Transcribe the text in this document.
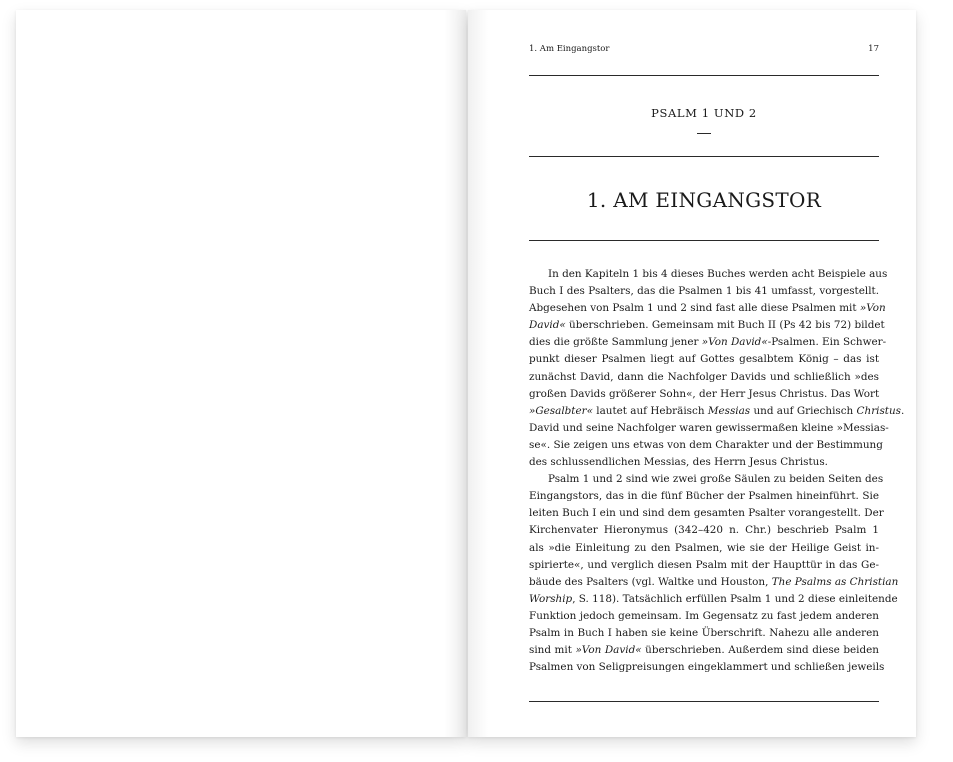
1. Am Eingangstor	17
PSALM 1 UND 2
1. AM EINGANGSTOR
In den Kapiteln 1 bis 4 dieses Buches werden acht Beispiele aus
Buch I des Psalters, das die Psalmen 1 bis 41 umfasst, vorgestellt.
Abgesehen von Psalm 1 und 2 sind fast alle diese Psalmen mit »Von
David« überschrieben. Gemeinsam mit Buch II (Ps 42 bis 72) bildet
dies die größte Sammlung jener »Von David«-Psalmen. Ein Schwer-
punkt dieser Psalmen liegt auf Gottes gesalbtem König – das ist
zunächst David, dann die Nachfolger Davids und schließlich »des
großen Davids größerer Sohn«, der Herr Jesus Christus. Das Wort
»Gesalbter« lautet auf Hebräisch Messias und auf Griechisch Christus.
David und seine Nachfolger waren gewissermaßen kleine »Messias-
se«. Sie zeigen uns etwas von dem Charakter und der Bestimmung
des schlussendlichen Messias, des Herrn Jesus Christus.
Psalm 1 und 2 sind wie zwei große Säulen zu beiden Seiten des
Eingangstors, das in die fünf Bücher der Psalmen hineinführt. Sie
leiten Buch I ein und sind dem gesamten Psalter vorangestellt. Der
Kirchenvater Hieronymus (342–420 n. Chr.) beschrieb Psalm 1
als »die Einleitung zu den Psalmen, wie sie der Heilige Geist in-
spirierte«, und verglich diesen Psalm mit der Haupttür in das Ge-
bäude des Psalters (vgl. Waltke und Houston, The Psalms as Christian
Worship, S. 118). Tatsächlich erfüllen Psalm 1 und 2 diese einleitende
Funktion jedoch gemeinsam. Im Gegensatz zu fast jedem anderen
Psalm in Buch I haben sie keine Überschrift. Nahezu alle anderen
sind mit »Von David« überschrieben. Außerdem sind diese beiden
Psalmen von Seligpreisungen eingeklammert und schließen jeweils
